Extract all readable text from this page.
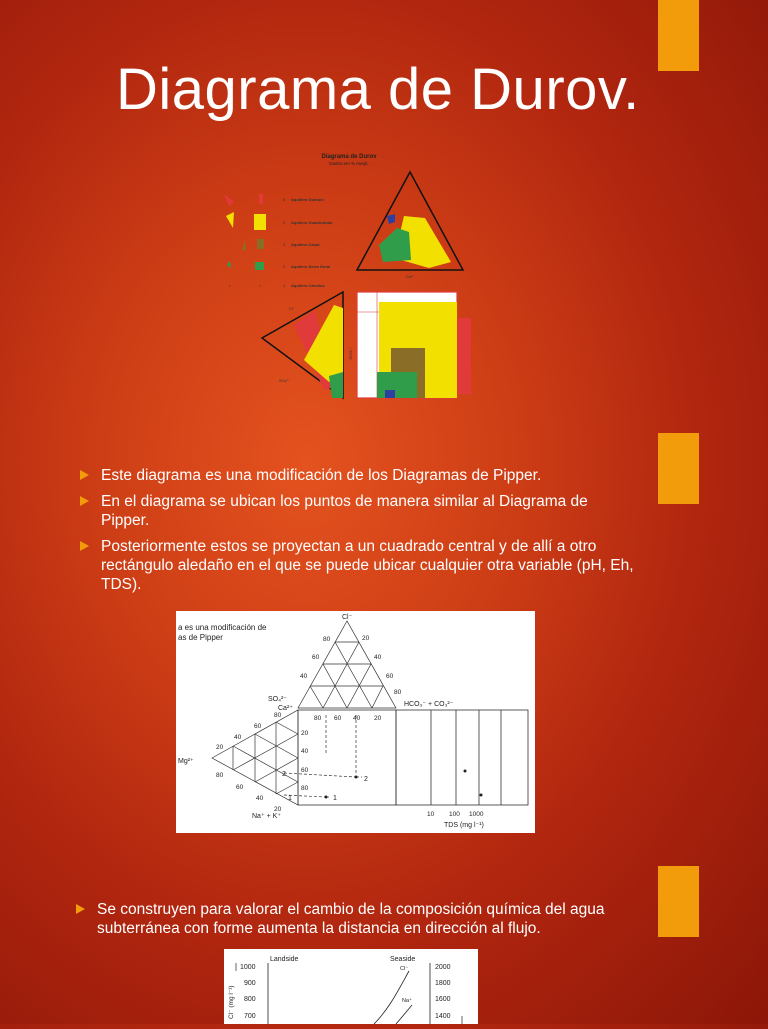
Diagrama de Durov.
Diagrama de Durov
Dados em % meq/L
5 Aquífero Guarani
4 Aquífero Guabirotuba
3 Aquífero Caiuá
2 Aquífero Serra Geral
•	•	1 Aquífero Cárstico
Ca²⁺
Cl⁻
SO₄²⁻
HCO₃⁻
Este diagrama es una modificación de los Diagramas de Pipper.
En el diagrama se ubican los puntos de manera similar al Diagrama de Pipper.
Posteriormente estos se proyectan a un cuadrado central y de allí a otro rectángulo aledaño en el que se puede ubicar cualquier otra variable (pH, Eh, TDS).
a es una modificación de
as de Pipper
2
1
2
1
Cl⁻
SO₄²⁻
Ca²⁺
HCO₃⁻ + CO₃²⁻
Mg²⁺
Na⁺ + K⁺
TDS (mg l⁻¹)
80
60
40
20
40
60
80
80 60 40 20
80
60
40
20
80
60
40
20
20
40
60
80
10 100 1000
Se construyen para valorar el cambio de la composición química del agua subterránea con forme aumenta la distancia en dirección al flujo.
Landside	Seaside
Cl⁻ (mg l⁻¹)
1000
900
800
700
2000
1800
1600
1400
Cl⁻
Na⁺
